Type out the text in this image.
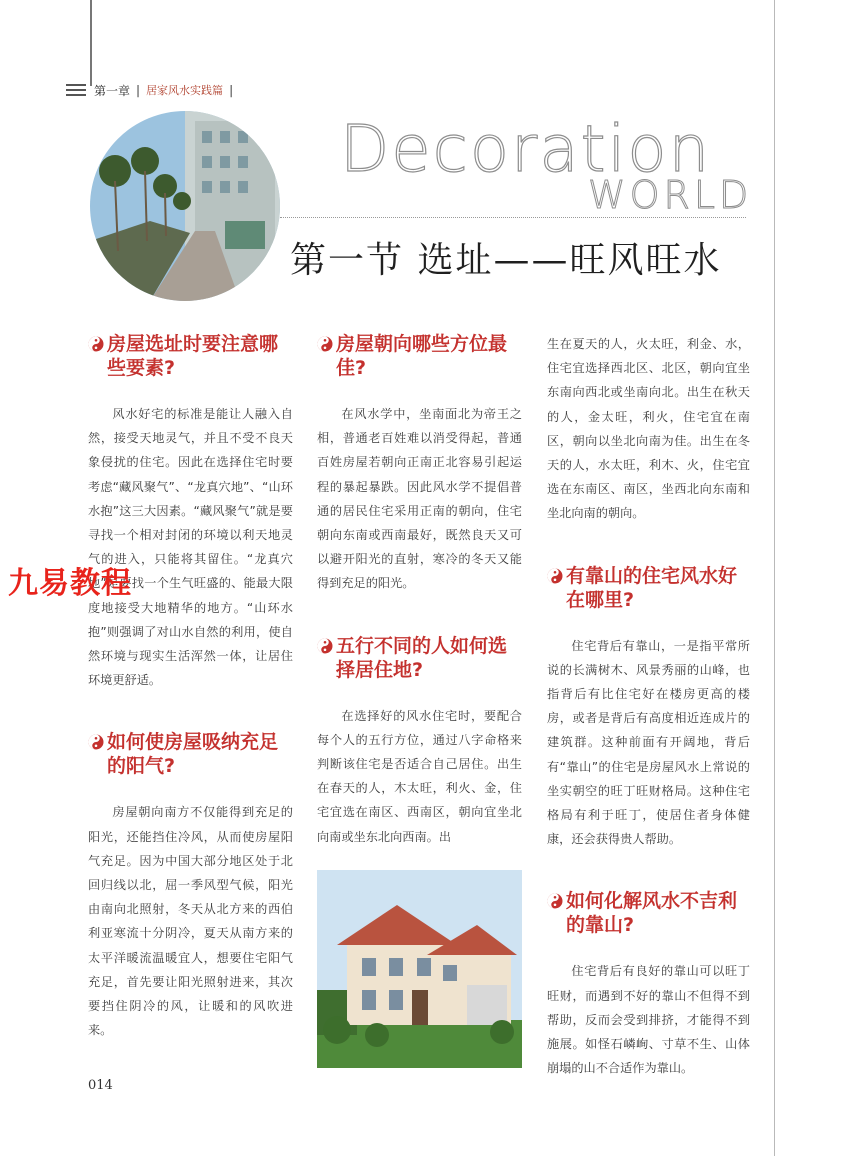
第一章 | 居家风水实践篇 |
Decoration
WORLD
第一节 选址——旺风旺水
房屋选址时要注意哪些要素?

风水好宅的标准是能让人融入自然，接受天地灵气，并且不受不良天象侵扰的住宅。因此在选择住宅时要考虑“藏风聚气”、“龙真穴地”、“山环水抱”这三大因素。“藏风聚气”就是要寻找一个相对封闭的环境以利天地灵气的进入，只能将其留住。“龙真穴地”是要找一个生气旺盛的、能最大限度地接受大地精华的地方。“山环水抱”则强调了对山水自然的利用，使自然环境与现实生活浑然一体，让居住环境更舒适。

如何使房屋吸纳充足的阳气?

房屋朝向南方不仅能得到充足的阳光，还能挡住冷风，从而使房屋阳气充足。因为中国大部分地区处于北回归线以北，屈一季风型气候，阳光由南向北照射，冬天从北方来的西伯利亚寒流十分阴冷，夏天从南方来的太平洋暖流温暖宜人，想要住宅阳气充足，首先要让阳光照射进来，其次要挡住阴冷的风，让暖和的风吹进来。

房屋朝向哪些方位最佳?

在风水学中，坐南面北为帝王之相，普通老百姓难以消受得起，普通百姓房屋若朝向正南正北容易引起运程的暴起暴跌。因此风水学不提倡普通的居民住宅采用正南的朝向，住宅朝向东南或西南最好，既然良天又可以避开阳光的直射，寒冷的冬天又能得到充足的阳光。

五行不同的人如何选择居住地?

在选择好的风水住宅时，要配合每个人的五行方位，通过八字命格来判断该住宅是否适合自己居住。出生在春天的人，木太旺，利火、金，住宅宜选在南区、西南区，朝向宜坐北向南或坐东北向西南。出

生在夏天的人，火太旺，利金、水，住宅宜选择西北区、北区，朝向宜坐东南向西北或坐南向北。出生在秋天的人，金太旺，利火，住宅宜在南区，朝向以坐北向南为佳。出生在冬天的人，水太旺，利木、火，住宅宜选在东南区、南区，坐西北向东南和坐北向南的朝向。

有靠山的住宅风水好在哪里?

住宅背后有靠山，一是指平常所说的长满树木、风景秀丽的山峰，也指背后有比住宅好在楼房更高的楼房，或者是背后有高度相近连成片的建筑群。这种前面有开阔地，背后有“靠山”的住宅是房屋风水上常说的坐实朝空的旺丁旺财格局。这种住宅格局有利于旺丁，使居住者身体健康，还会获得贵人帮助。

如何化解风水不吉利的靠山?

住宅背后有良好的靠山可以旺丁旺财，而遇到不好的靠山不但得不到帮助，反而会受到排挤，才能得不到施展。如怪石嶙峋、寸草不生、山体崩塌的山不合适作为靠山。

九易教程
014
